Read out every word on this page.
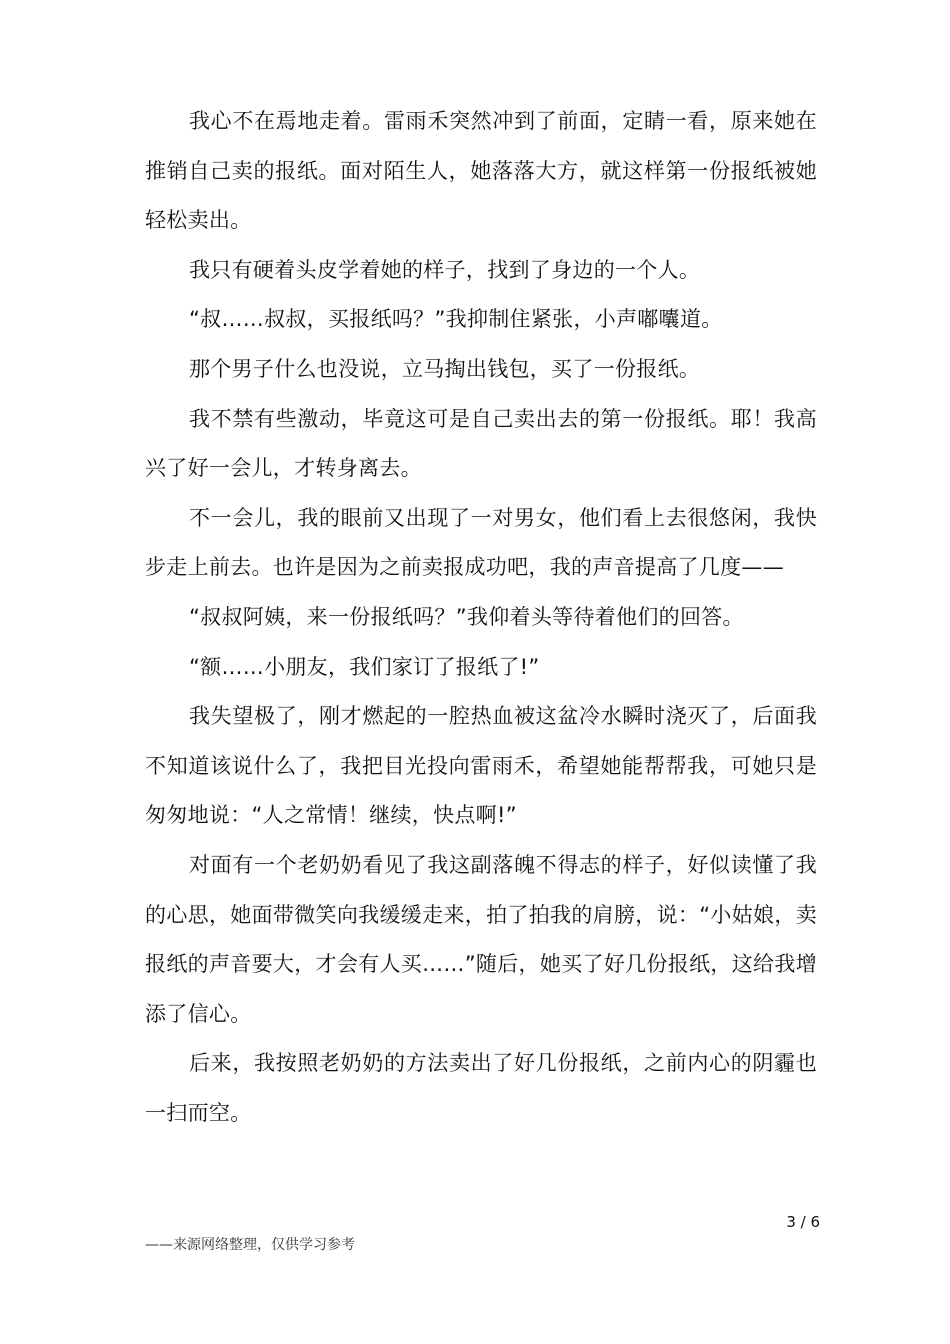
我心不在焉地走着。雷雨禾突然冲到了前面，定睛一看，原来她在推销自己卖的报纸。面对陌生人，她落落大方，就这样第一份报纸被她轻松卖出。

我只有硬着头皮学着她的样子，找到了身边的一个人。

“叔……叔叔，买报纸吗？”我抑制住紧张，小声嘟囔道。

那个男子什么也没说，立马掏出钱包，买了一份报纸。

我不禁有些激动，毕竟这可是自己卖出去的第一份报纸。耶！我高兴了好一会儿，才转身离去。

不一会儿，我的眼前又出现了一对男女，他们看上去很悠闲，我快步走上前去。也许是因为之前卖报成功吧，我的声音提高了几度——

“叔叔阿姨，来一份报纸吗？”我仰着头等待着他们的回答。

“额……小朋友，我们家订了报纸了!”

我失望极了，刚才燃起的一腔热血被这盆冷水瞬时浇灭了，后面我不知道该说什么了，我把目光投向雷雨禾，希望她能帮帮我，可她只是匆匆地说：“人之常情！继续，快点啊!”

对面有一个老奶奶看见了我这副落魄不得志的样子，好似读懂了我的心思，她面带微笑向我缓缓走来，拍了拍我的肩膀，说：“小姑娘，卖报纸的声音要大，才会有人买……”随后，她买了好几份报纸，这给我增添了信心。

后来，我按照老奶奶的方法卖出了好几份报纸，之前内心的阴霾也一扫而空。

3 / 6
——来源网络整理，仅供学习参考
